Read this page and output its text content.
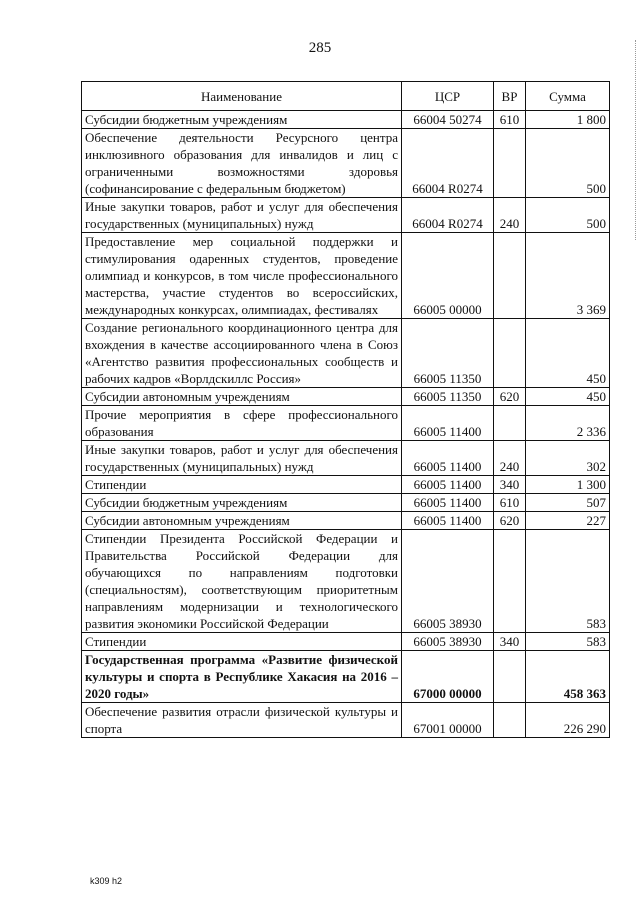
285
Наименование	ЦСР	ВР	Сумма
Субсидии бюджетным учреждениям	66004 50274	610	1 800
Обеспечение деятельности Ресурсного центра инклюзивного образования для инвалидов и лиц с ограниченными возможностями здоровья (софинансирование с федеральным бюджетом)	66004 R0274		500
Иные закупки товаров, работ и услуг для обеспечения государственных (муниципальных) нужд	66004 R0274	240	500
Предоставление мер социальной поддержки и стимулирования одаренных студентов, проведение олимпиад и конкурсов, в том числе профессионального мастерства, участие студентов во всероссийских, международных конкурсах, олимпиадах, фестивалях	66005 00000		3 369
Создание регионального координационного центра для вхождения в качестве ассоциированного члена в Союз «Агентство развития профессиональных сообществ и рабочих кадров «Ворлдскиллс Россия»	66005 11350		450
Субсидии автономным учреждениям	66005 11350	620	450
Прочие мероприятия в сфере профессионального образования	66005 11400		2 336
Иные закупки товаров, работ и услуг для обеспечения государственных (муниципальных) нужд	66005 11400	240	302
Стипендии	66005 11400	340	1 300
Субсидии бюджетным учреждениям	66005 11400	610	507
Субсидии автономным учреждениям	66005 11400	620	227
Стипендии Президента Российской Федерации и Правительства Российской Федерации для обучающихся по направлениям подготовки (специальностям), соответствующим приоритетным направлениям модернизации и технологического развития экономики Российской Федерации	66005 38930		583
Стипендии	66005 38930	340	583
Государственная программа «Развитие физической культуры и спорта в Республике Хакасия на 2016 – 2020 годы»	67000 00000		458 363
Обеспечение развития отрасли физической культуры и спорта	67001 00000		226 290
k309 h2
